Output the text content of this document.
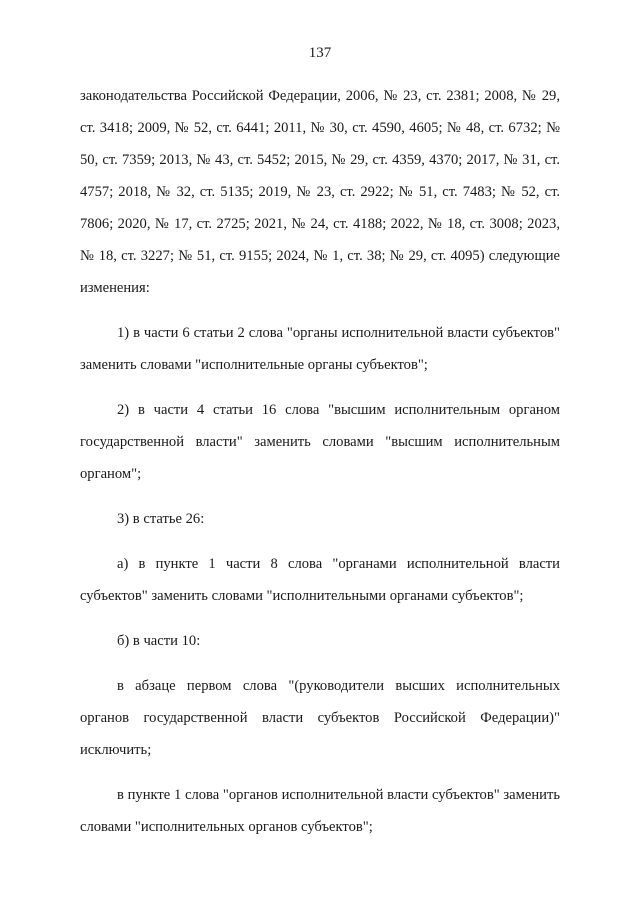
137

законодательства Российской Федерации, 2006, № 23, ст. 2381; 2008, № 29, ст. 3418; 2009, № 52, ст. 6441; 2011, № 30, ст. 4590, 4605; № 48, ст. 6732; № 50, ст. 7359; 2013, № 43, ст. 5452; 2015, № 29, ст. 4359, 4370; 2017, № 31, ст. 4757; 2018, № 32, ст. 5135; 2019, № 23, ст. 2922; № 51, ст. 7483; № 52, ст. 7806; 2020, № 17, ст. 2725; 2021, № 24, ст. 4188; 2022, № 18, ст. 3008; 2023, № 18, ст. 3227; № 51, ст. 9155; 2024, № 1, ст. 38; № 29, ст. 4095) следующие изменения:

1) в части 6 статьи 2 слова "органы исполнительной власти субъектов" заменить словами "исполнительные органы субъектов";

2) в части 4 статьи 16 слова "высшим исполнительным органом государственной власти" заменить словами "высшим исполнительным органом";

3) в статье 26:

а) в пункте 1 части 8 слова "органами исполнительной власти субъектов" заменить словами "исполнительными органами субъектов";

б) в части 10:

в абзаце первом слова "(руководители высших исполнительных органов государственной власти субъектов Российской Федерации)" исключить;

в пункте 1 слова "органов исполнительной власти субъектов" заменить словами "исполнительных органов субъектов";
